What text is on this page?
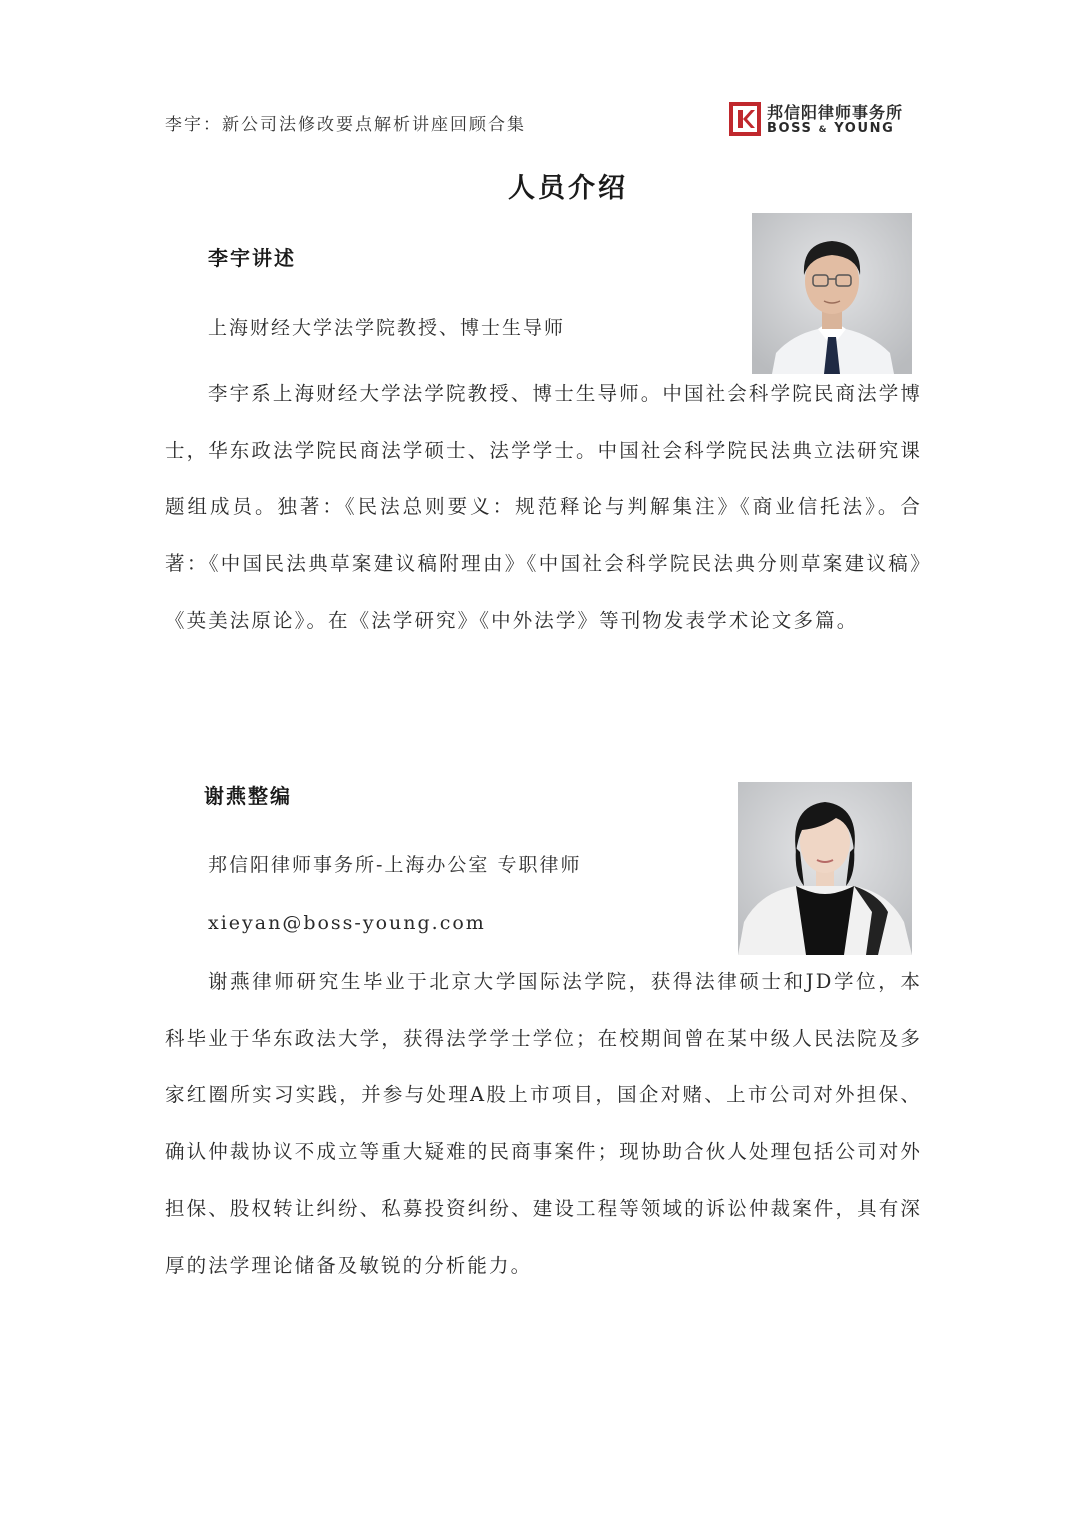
李宇：新公司法修改要点解析讲座回顾合集
邦信阳律师事务所
BOSS & YOUNG
人员介绍
李宇讲述
上海财经大学法学院教授、博士生导师

李宇系上海财经大学法学院教授、博士生导师。中国社会科学院民商法学博士，华东政法学院民商法学硕士、法学学士。中国社会科学院民法典立法研究课题组成员。独著：《民法总则要义：规范释论与判解集注》《商业信托法》。合著：《中国民法典草案建议稿附理由》《中国社会科学院民法典分则草案建议稿》《英美法原论》。在《法学研究》《中外法学》等刊物发表学术论文多篇。

谢燕整编
邦信阳律师事务所-上海办公室 专职律师
xieyan@boss-young.com

谢燕律师研究生毕业于北京大学国际法学院，获得法律硕士和JD学位，本科毕业于华东政法大学，获得法学学士学位；在校期间曾在某中级人民法院及多家红圈所实习实践，并参与处理A股上市项目，国企对赌、上市公司对外担保、确认仲裁协议不成立等重大疑难的民商事案件；现协助合伙人处理包括公司对外担保、股权转让纠纷、私募投资纠纷、建设工程等领域的诉讼仲裁案件，具有深厚的法学理论储备及敏锐的分析能力。
